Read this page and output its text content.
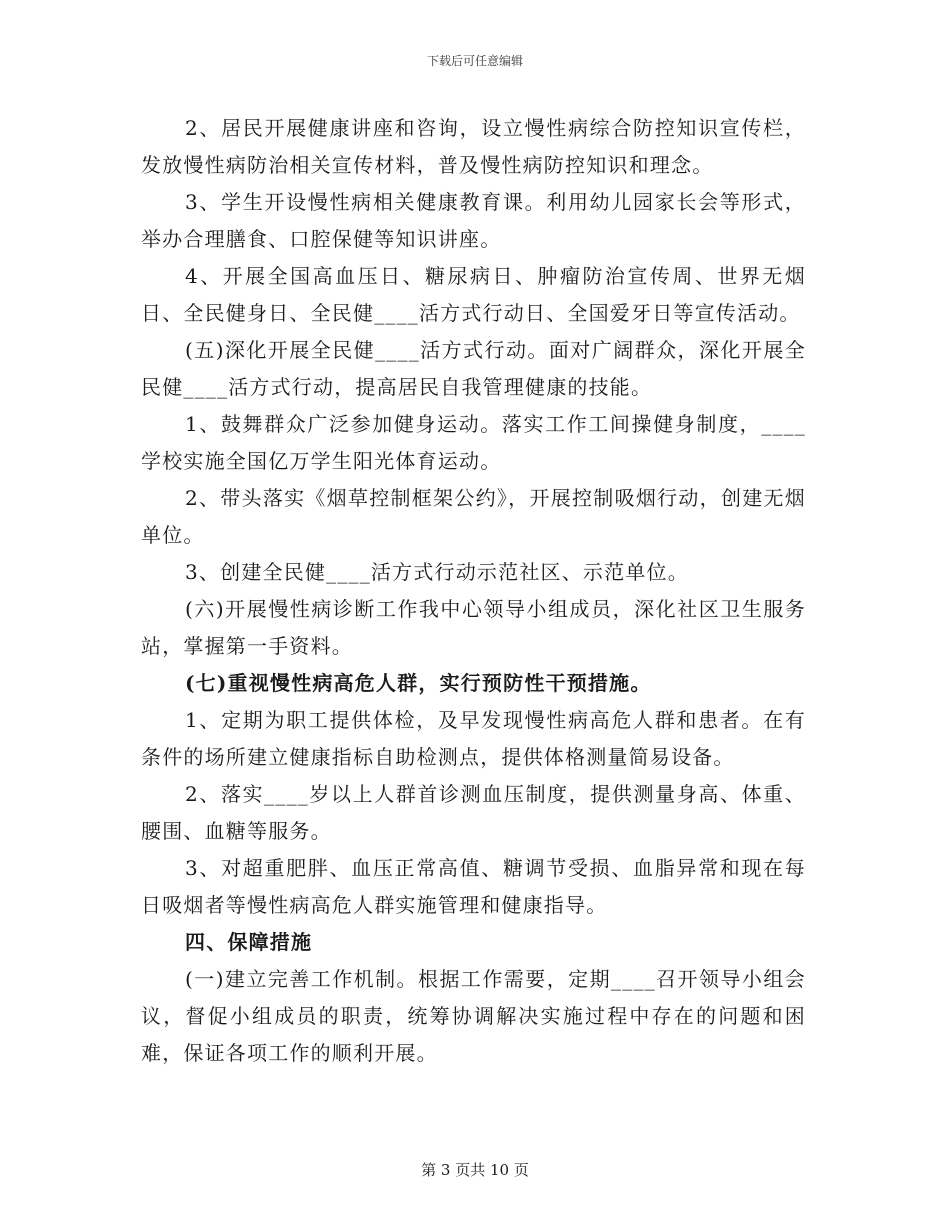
下载后可任意编辑

2、居民开展健康讲座和咨询，设立慢性病综合防控知识宣传栏，发放慢性病防治相关宣传材料，普及慢性病防控知识和理念。

3、学生开设慢性病相关健康教育课。利用幼儿园家长会等形式，举办合理膳食、口腔保健等知识讲座。

4、开展全国高血压日、糖尿病日、肿瘤防治宣传周、世界无烟日、全民健身日、全民健____活方式行动日、全国爱牙日等宣传活动。

(五)深化开展全民健____活方式行动。面对广阔群众，深化开展全民健____活方式行动，提高居民自我管理健康的技能。

1、鼓舞群众广泛参加健身运动。落实工作工间操健身制度，____学校实施全国亿万学生阳光体育运动。

2、带头落实《烟草控制框架公约》，开展控制吸烟行动，创建无烟单位。

3、创建全民健____活方式行动示范社区、示范单位。

(六)开展慢性病诊断工作我中心领导小组成员，深化社区卫生服务站，掌握第一手资料。

(七)重视慢性病高危人群，实行预防性干预措施。

1、定期为职工提供体检，及早发现慢性病高危人群和患者。在有条件的场所建立健康指标自助检测点，提供体格测量简易设备。

2、落实____岁以上人群首诊测血压制度，提供测量身高、体重、腰围、血糖等服务。

3、对超重肥胖、血压正常高值、糖调节受损、血脂异常和现在每日吸烟者等慢性病高危人群实施管理和健康指导。

四、保障措施

(一)建立完善工作机制。根据工作需要，定期____召开领导小组会议，督促小组成员的职责，统筹协调解决实施过程中存在的问题和困难，保证各项工作的顺利开展。

第 3 页共 10 页
